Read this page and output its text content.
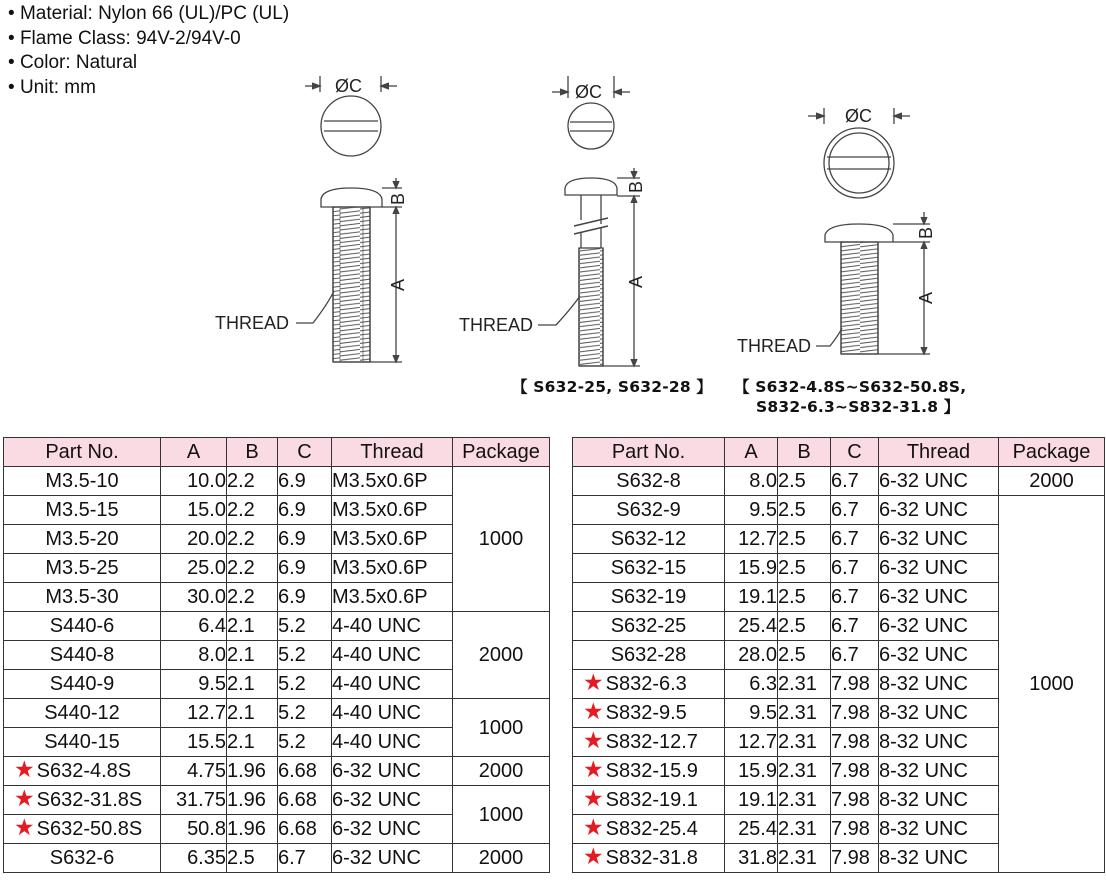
• Material: Nylon 66 (UL)/PC (UL)
• Flame Class: 94V-2/94V-0
• Color: Natural
• Unit: mm	ØC
B
A
THREAD
ØC
B
A
THREAD
ØC
B
A
THREAD
【 S632-25, S632-28 】 【 S632-4.8S~S632-50.8S,
S832-6.3~S832-31.8 】
Part No.	A	B	C	Thread	Package
M3.5-10	10.0	2.2	6.9	M3.5x0.6P	1000
M3.5-15	15.0	2.2	6.9	M3.5x0.6P	
M3.5-20	20.0	2.2	6.9	M3.5x0.6P	
M3.5-25	25.0	2.2	6.9	M3.5x0.6P	
M3.5-30	30.0	2.2	6.9	M3.5x0.6P	
S440-6	6.4	2.1	5.2	4-40 UNC	2000
S440-8	8.0	2.1	5.2	4-40 UNC	
S440-9	9.5	2.1	5.2	4-40 UNC	
S440-12	12.7	2.1	5.2	4-40 UNC	1000
S440-15	15.5	2.1	5.2	4-40 UNC	
★ S632-4.8S	4.75	1.96	6.68	6-32 UNC	2000
★ S632-31.8S	31.75	1.96	6.68	6-32 UNC	1000
★ S632-50.8S	50.8	1.96	6.68	6-32 UNC	
S632-6	6.35	2.5	6.7	6-32 UNC	2000
Part No.	A	B	C	Thread	Package
S632-8	8.0	2.5	6.7	6-32 UNC	2000
S632-9	9.5	2.5	6.7	6-32 UNC	1000
S632-12	12.7	2.5	6.7	6-32 UNC	
S632-15	15.9	2.5	6.7	6-32 UNC	
S632-19	19.1	2.5	6.7	6-32 UNC	
S632-25	25.4	2.5	6.7	6-32 UNC	
S632-28	28.0	2.5	6.7	6-32 UNC	
★ S832-6.3	6.3	2.31	7.98	8-32 UNC	
★ S832-9.5	9.5	2.31	7.98	8-32 UNC	
★ S832-12.7	12.7	2.31	7.98	8-32 UNC	
★ S832-15.9	15.9	2.31	7.98	8-32 UNC	
★ S832-19.1	19.1	2.31	7.98	8-32 UNC	
★ S832-25.4	25.4	2.31	7.98	8-32 UNC	
★ S832-31.8	31.8	2.31	7.98	8-32 UNC	
